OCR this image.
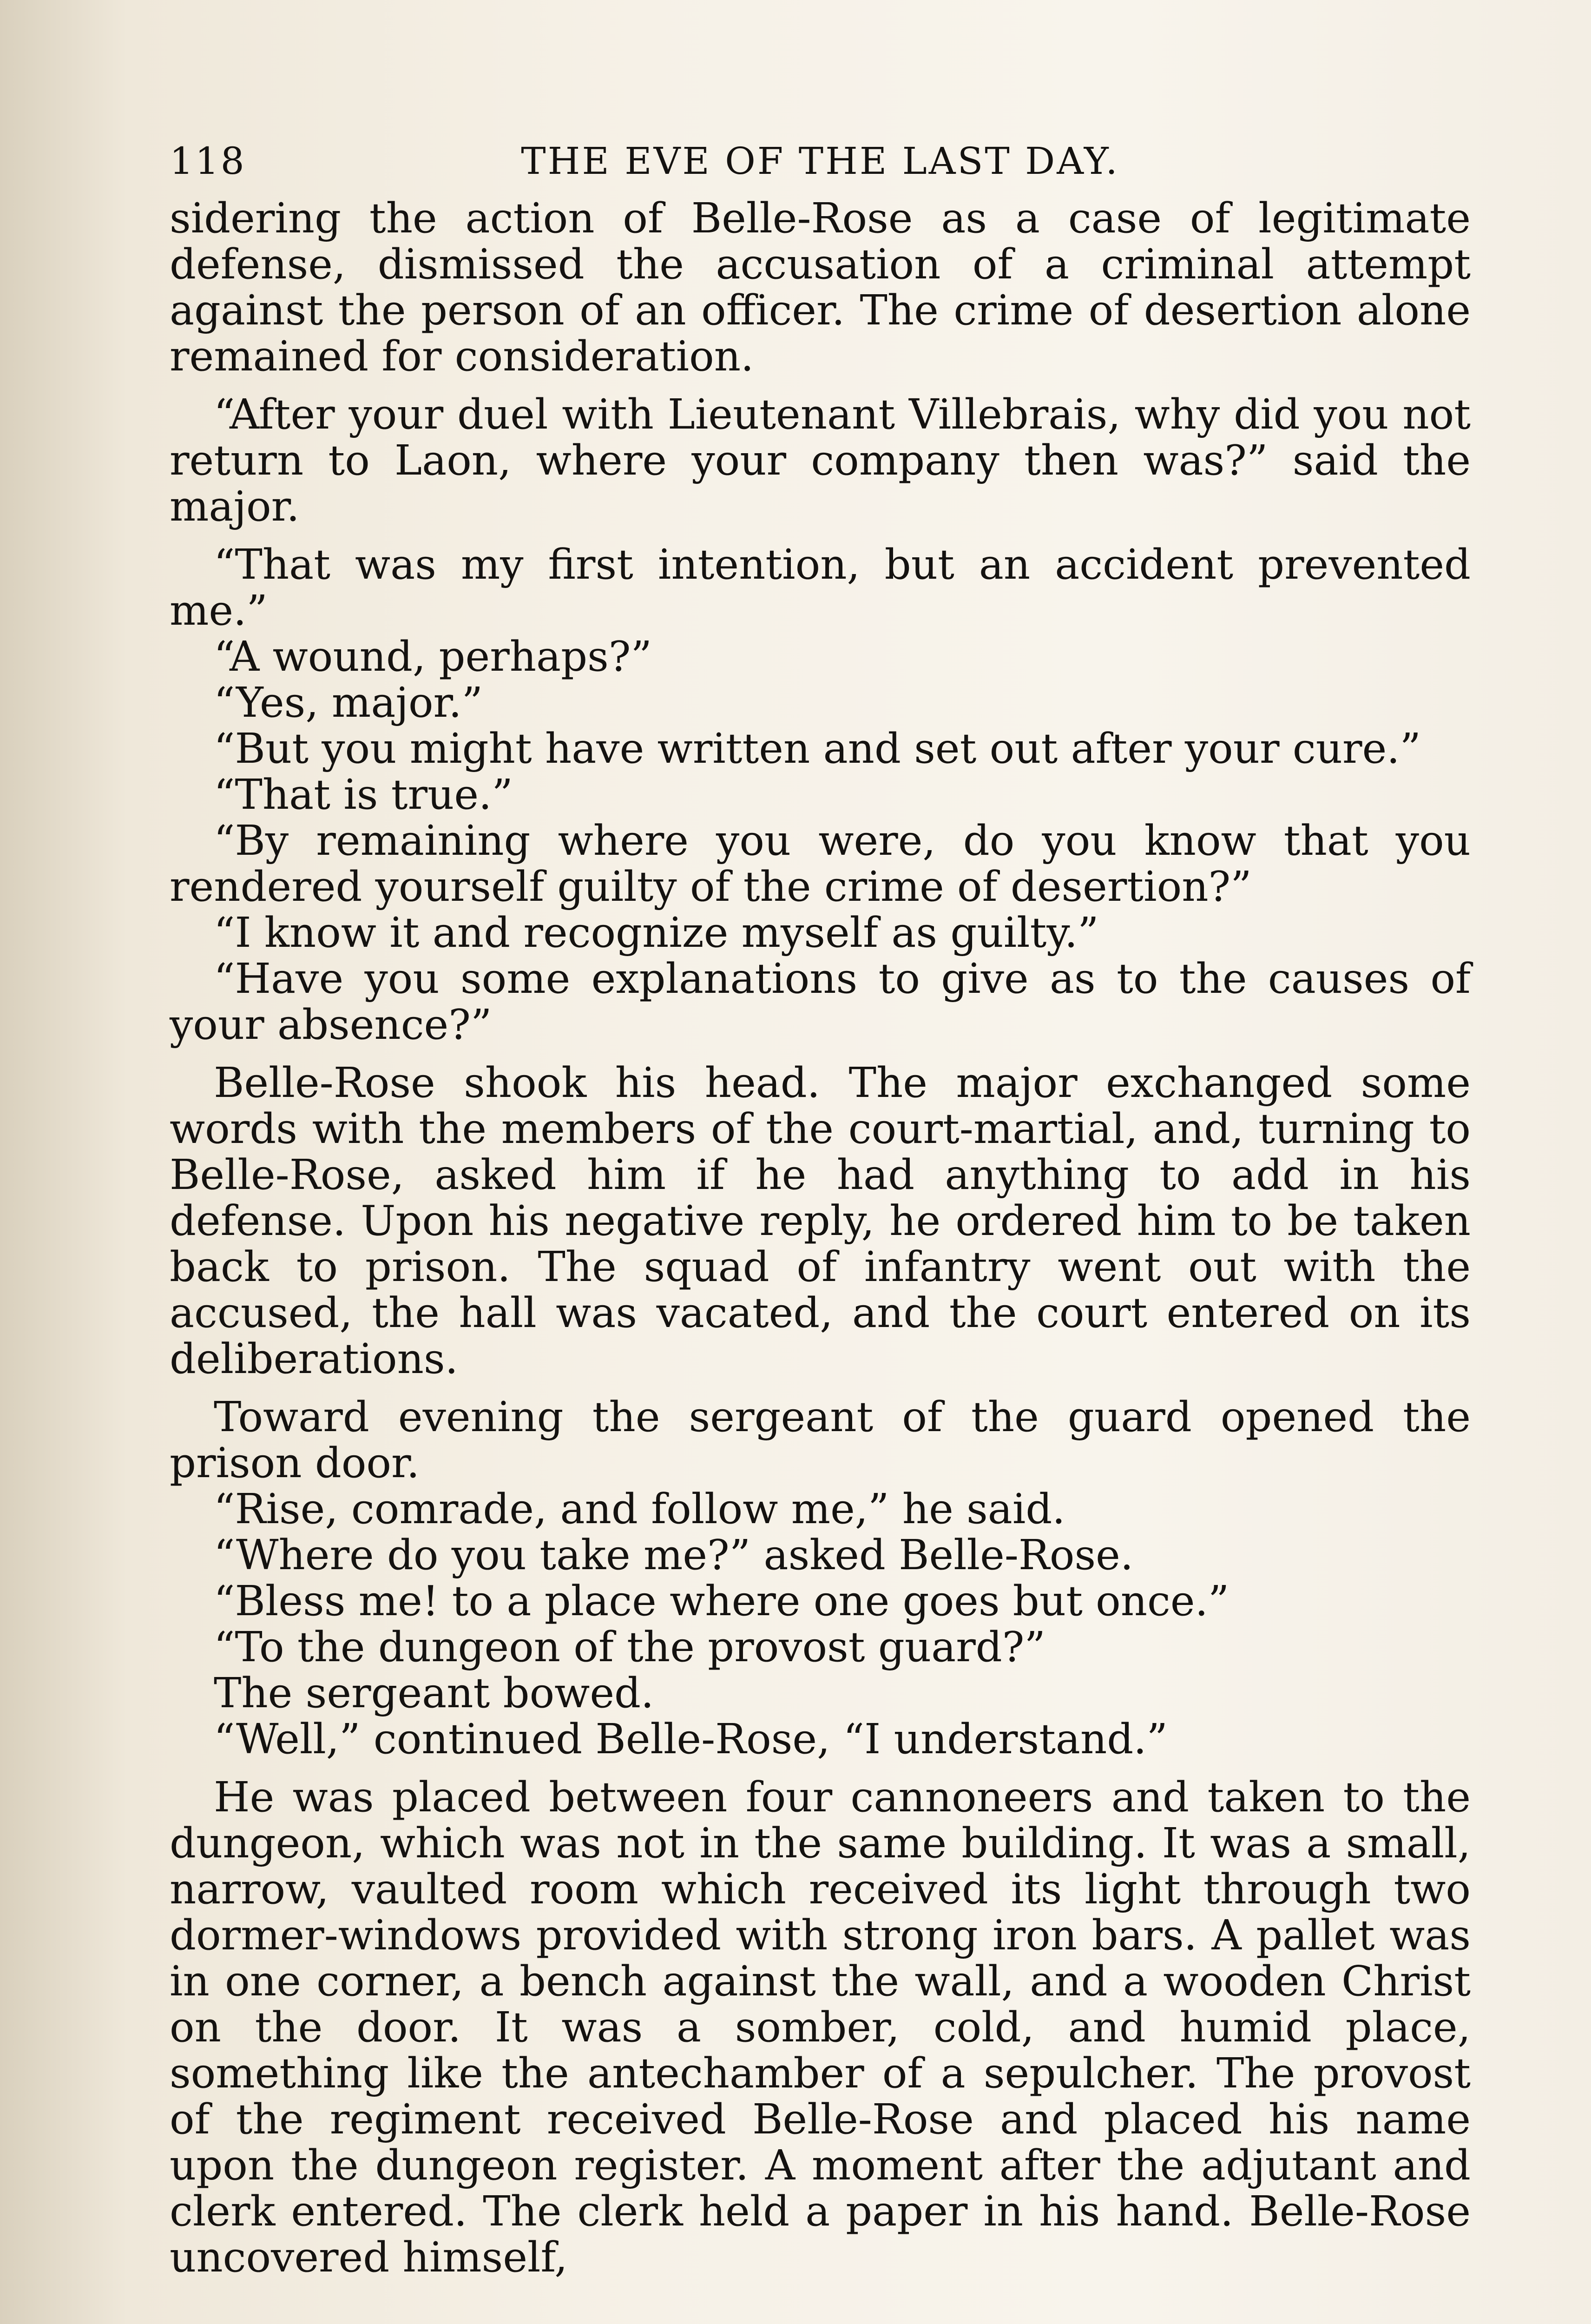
118	THE EVE OF THE LAST DAY.

sidering the action of Belle-Rose as a case of legitimate defense, dismissed the accusation of a criminal attempt against the person of an officer. The crime of desertion alone remained for consideration.

“After your duel with Lieutenant Villebrais, why did you not return to Laon, where your company then was?” said the major.

“That was my first intention, but an accident prevented me.”

“A wound, perhaps?”

“Yes, major.”

“But you might have written and set out after your cure.”

“That is true.”

“By remaining where you were, do you know that you rendered yourself guilty of the crime of desertion?”

“I know it and recognize myself as guilty.”

“Have you some explanations to give as to the causes of your absence?”

Belle-Rose shook his head. The major exchanged some words with the members of the court-martial, and, turning to Belle-Rose, asked him if he had anything to add in his defense. Upon his negative reply, he ordered him to be taken back to prison. The squad of infantry went out with the accused, the hall was vacated, and the court entered on its deliberations.

Toward evening the sergeant of the guard opened the prison door.

“Rise, comrade, and follow me,” he said.

“Where do you take me?” asked Belle-Rose.

“Bless me! to a place where one goes but once.”

“To the dungeon of the provost guard?”

The sergeant bowed.

“Well,” continued Belle-Rose, “I understand.”

He was placed between four cannoneers and taken to the dungeon, which was not in the same building. It was a small, narrow, vaulted room which received its light through two dormer-windows provided with strong iron bars. A pallet was in one corner, a bench against the wall, and a wooden Christ on the door. It was a somber, cold, and humid place, something like the antechamber of a sepulcher. The provost of the regiment received Belle-Rose and placed his name upon the dungeon register. A moment after the adjutant and clerk entered. The clerk held a paper in his hand. Belle-Rose uncovered himself,
